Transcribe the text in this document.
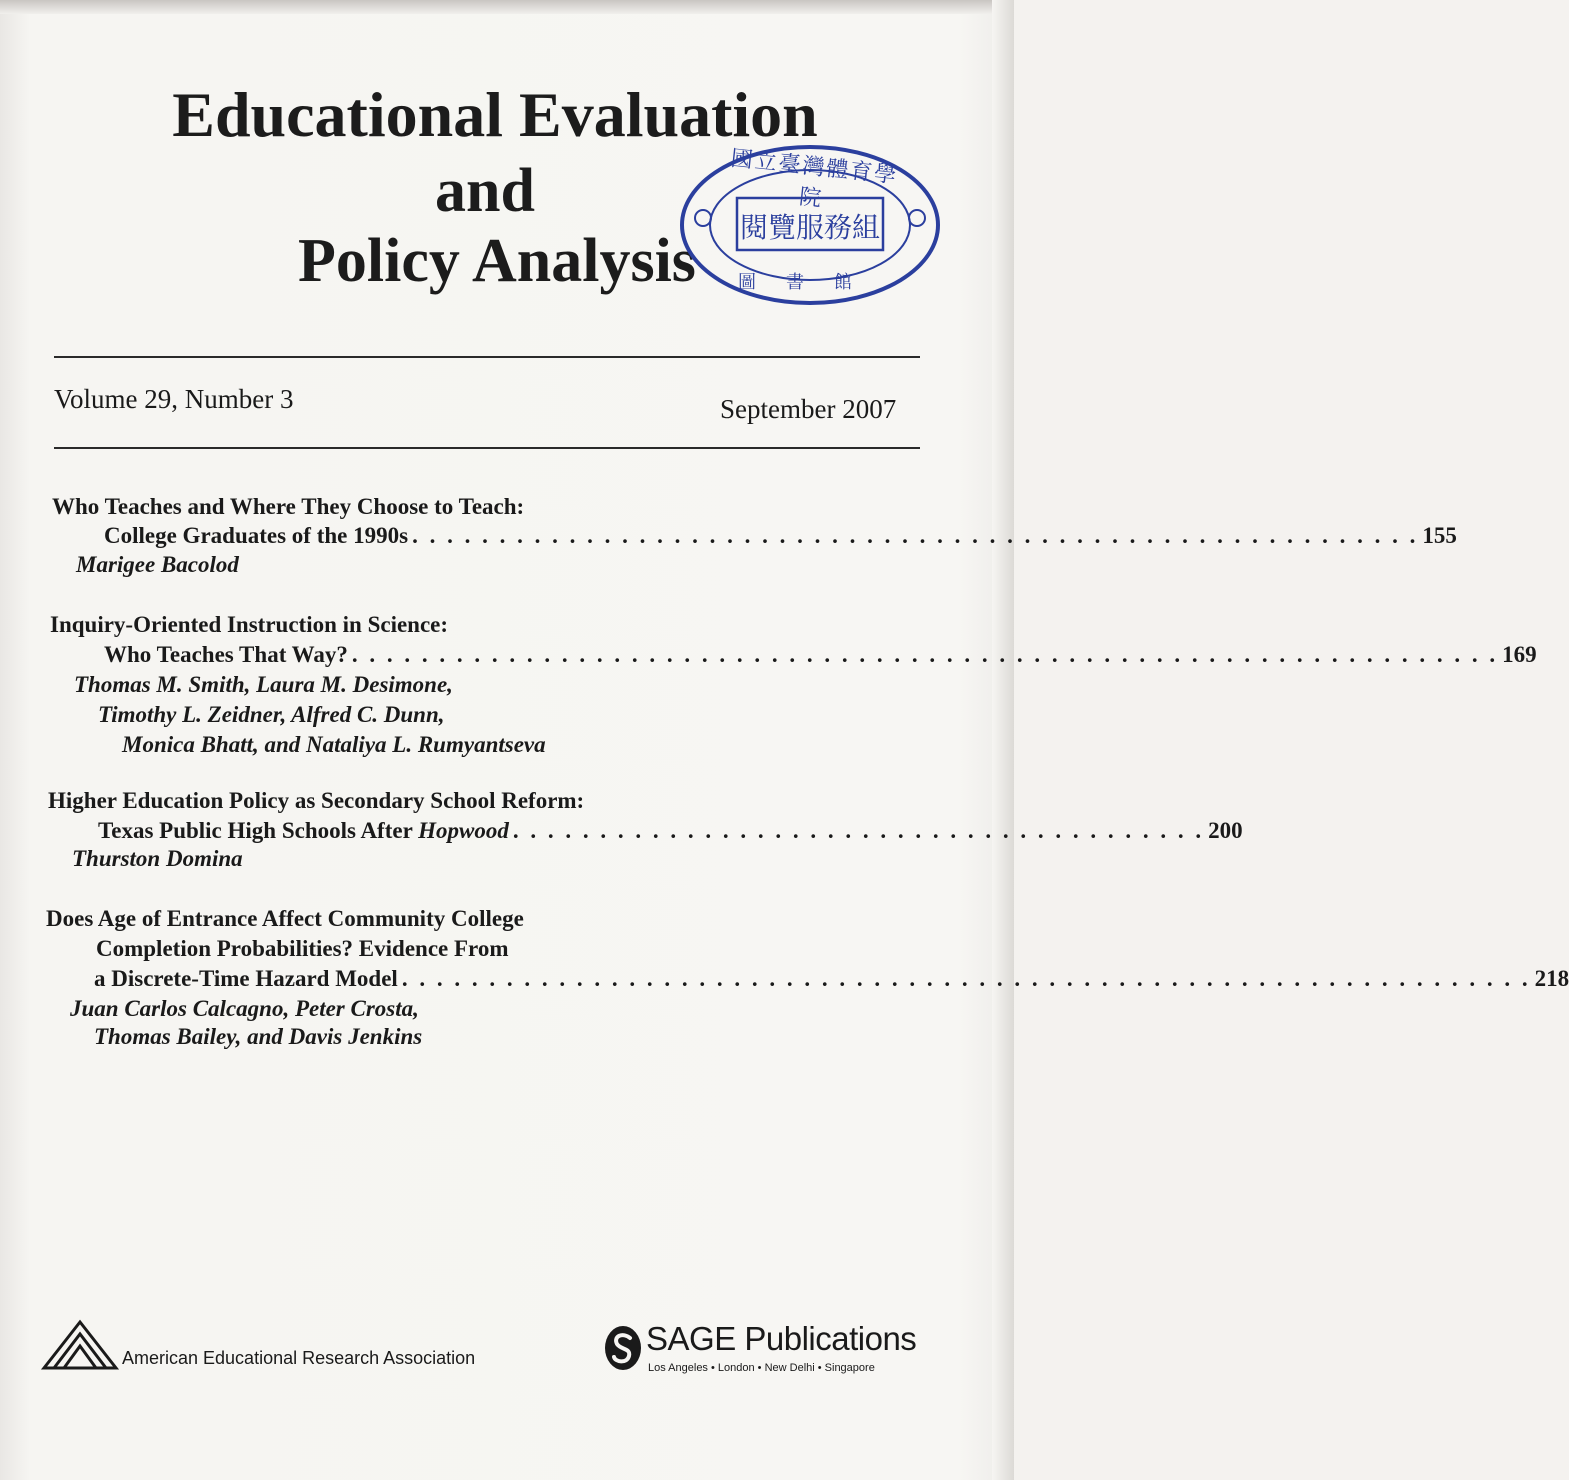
Educational Evaluation
and
Policy Analysis
國立臺灣體育學院
閱覽服務組
圖書館
Volume 29, Number 3	September 2007
Who Teaches and Where They Choose to Teach:
College Graduates of the 1990s . . . . . . . . . . . . . . . . . . . . . . . . . . . . . . . . . . . . . . . . . . . . . . . . . . . . . . . . . . 155
Marigee Bacolod
Inquiry-Oriented Instruction in Science:
Who Teaches That Way? . . . . . . . . . . . . . . . . . . . . . . . . . . . . . . . . . . . . . . . . . . . . . . . . . . . . . . . . . . . . . . . . . . 169
Thomas M. Smith, Laura M. Desimone,
Timothy L. Zeidner, Alfred C. Dunn,
Monica Bhatt, and Nataliya L. Rumyantseva
Higher Education Policy as Secondary School Reform:
Texas Public High Schools After Hopwood . . . . . . . . . . . . . . . . . . . . . . . . . . . . . . . . . . . . . . . . 200
Thurston Domina
Does Age of Entrance Affect Community College
Completion Probabilities? Evidence From
a Discrete-Time Hazard Model . . . . . . . . . . . . . . . . . . . . . . . . . . . . . . . . . . . . . . . . . . . . . . . . . . . . . . . . . . . . . . . . . 218
Juan Carlos Calcagno, Peter Crosta,
Thomas Bailey, and Davis Jenkins
American Educational Research Association
SAGE Publications
Los Angeles • London • New Delhi • Singapore
